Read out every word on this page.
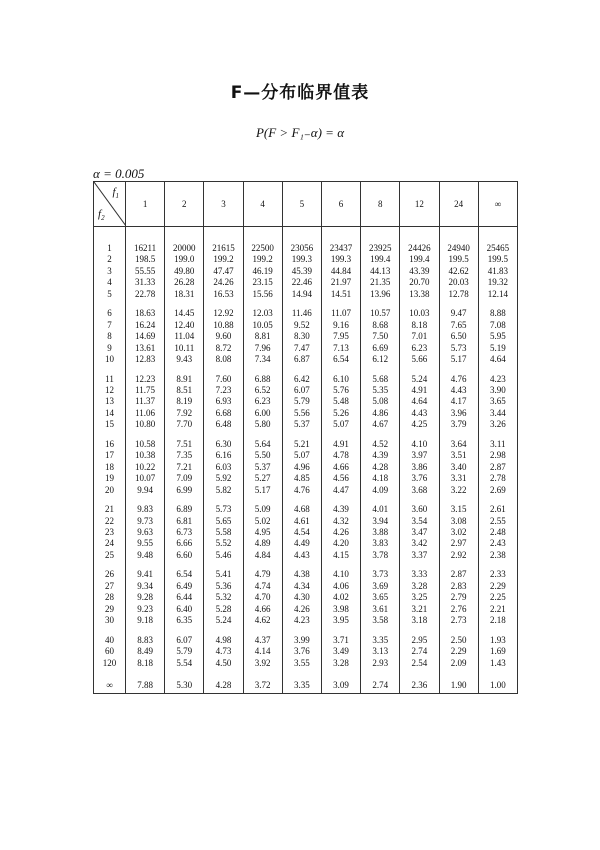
F—分布临界值表
P(F > F₁₋α) = α
α = 0.005
$f_1$
$f_2$	1	2	3	4	5	6	8	12	24	∞

1	16211	20000	21615	22500	23056	23437	23925	24426	24940	25465
2	198.5	199.0	199.2	199.2	199.3	199.3	199.4	199.4	199.5	199.5
3	55.55	49.80	47.47	46.19	45.39	44.84	44.13	43.39	42.62	41.83
4	31.33	26.28	24.26	23.15	22.46	21.97	21.35	20.70	20.03	19.32
5	22.78	18.31	16.53	15.56	14.94	14.51	13.96	13.38	12.78	12.14

6	18.63	14.45	12.92	12.03	11.46	11.07	10.57	10.03	9.47	8.88
7	16.24	12.40	10.88	10.05	9.52	9.16	8.68	8.18	7.65	7.08
8	14.69	11.04	9.60	8.81	8.30	7.95	7.50	7.01	6.50	5.95
9	13.61	10.11	8.72	7.96	7.47	7.13	6.69	6.23	5.73	5.19
10	12.83	9.43	8.08	7.34	6.87	6.54	6.12	5.66	5.17	4.64

11	12.23	8.91	7.60	6.88	6.42	6.10	5.68	5.24	4.76	4.23
12	11.75	8.51	7.23	6.52	6.07	5.76	5.35	4.91	4.43	3.90
13	11.37	8.19	6.93	6.23	5.79	5.48	5.08	4.64	4.17	3.65
14	11.06	7.92	6.68	6.00	5.56	5.26	4.86	4.43	3.96	3.44
15	10.80	7.70	6.48	5.80	5.37	5.07	4.67	4.25	3.79	3.26

16	10.58	7.51	6.30	5.64	5.21	4.91	4.52	4.10	3.64	3.11
17	10.38	7.35	6.16	5.50	5.07	4.78	4.39	3.97	3.51	2.98
18	10.22	7.21	6.03	5.37	4.96	4.66	4.28	3.86	3.40	2.87
19	10.07	7.09	5.92	5.27	4.85	4.56	4.18	3.76	3.31	2.78
20	9.94	6.99	5.82	5.17	4.76	4.47	4.09	3.68	3.22	2.69

21	9.83	6.89	5.73	5.09	4.68	4.39	4.01	3.60	3.15	2.61
22	9.73	6.81	5.65	5.02	4.61	4.32	3.94	3.54	3.08	2.55
23	9.63	6.73	5.58	4.95	4.54	4.26	3.88	3.47	3.02	2.48
24	9.55	6.66	5.52	4.89	4.49	4.20	3.83	3.42	2.97	2.43
25	9.48	6.60	5.46	4.84	4.43	4.15	3.78	3.37	2.92	2.38

26	9.41	6.54	5.41	4.79	4.38	4.10	3.73	3.33	2.87	2.33
27	9.34	6.49	5.36	4.74	4.34	4.06	3.69	3.28	2.83	2.29
28	9.28	6.44	5.32	4.70	4.30	4.02	3.65	3.25	2.79	2.25
29	9.23	6.40	5.28	4.66	4.26	3.98	3.61	3.21	2.76	2.21
30	9.18	6.35	5.24	4.62	4.23	3.95	3.58	3.18	2.73	2.18

40	8.83	6.07	4.98	4.37	3.99	3.71	3.35	2.95	2.50	1.93
60	8.49	5.79	4.73	4.14	3.76	3.49	3.13	2.74	2.29	1.69
120	8.18	5.54	4.50	3.92	3.55	3.28	2.93	2.54	2.09	1.43

∞	7.88	5.30	4.28	3.72	3.35	3.09	2.74	2.36	1.90	1.00
